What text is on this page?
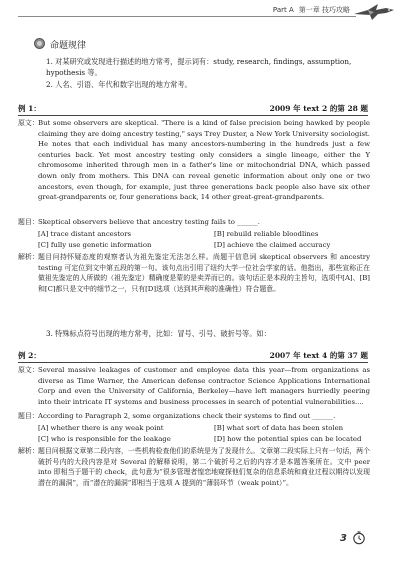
Part A 第一章 技巧攻略
命题规律
1. 对某研究或发现进行描述的地方常考，提示词有：study, research, findings, assumption, hypothesis 等。
2. 人名、引语、年代和数字出现的地方常考。
例 1：	2009 年 text 2 的第 28 题
原文： But some observers are skeptical. "There is a kind of false precision being hawked by people claiming they are doing ancestry testing," says Trey Duster, a New York University sociologist. He notes that each individual has many ancestors-numbering in the hundreds just a few centuries back. Yet most ancestry testing only considers a single lineage, either the Y chromosome inherited through men in a father's line or mitochondrial DNA, which passed down only from mothers. This DNA can reveal genetic information about only one or two ancestors, even though, for example, just three generations back people also have six other great-grandparents or, four generations back, 14 other great-great-grandparents.
题目： Skeptical observers believe that ancestry testing fails to ______.
[A] trace distant ancestors	[B] rebuild reliable bloodlines
[C] fully use genetic information	[D] achieve the claimed accuracy
解析： 题目问持怀疑态度的观察者认为祖先鉴定无法怎么样。尚题干信息词 skeptical observers 和 ancestry testing 可定位到文中第五段的第一句。该句点出引用了纽约大学一位社会学家的话。他指出，那些宣称正在做祖先鉴定的人所做的（祖先鉴定）精确度是蒙的是卖弄而已的。该句话正是本段的主旨句，选项中[A]、[B]和[C]都只是文中的细节之一，只有[D]选项（达到其声称的准确性）符合题意。
3. 特殊标点符号出现的地方常考，比如：冒号、引号、破折号等。如：
例 2：	2007 年 text 4 的第 37 题
原文： Several massive leakages of customer and employee data this year—from organizations as diverse as Time Warner, the American defense contractor Science Applications International Corp and even the University of California, Berkeley—have left managers hurriedly peering into their intricate IT systems and business processes in search of potential vulnerabilities....
题目： According to Paragraph 2, some organizations check their systems to find out ______.
[A] whether there is any weak point	[B] what sort of data has been stolen
[C] who is responsible for the leakage	[D] how the potential spies can be located
解析： 题目问根据文章第二段内容，一些机构检查他们的系统是为了发现什么。文章第二段实际上只有一句话，两个破折号内的大段内容是对 Several 的解释说明，第二个破折号之后的内容才是本题答案所在。文中 peer into 即相当于题干的 check，此句意为“很多管理者惶恋地窥探他们复杂的信息系统和商业过程以期待以发现潜在的漏洞”，而“潜在的漏洞”即相当于选项 A 提到的“薄弱环节（weak point）”。
3
